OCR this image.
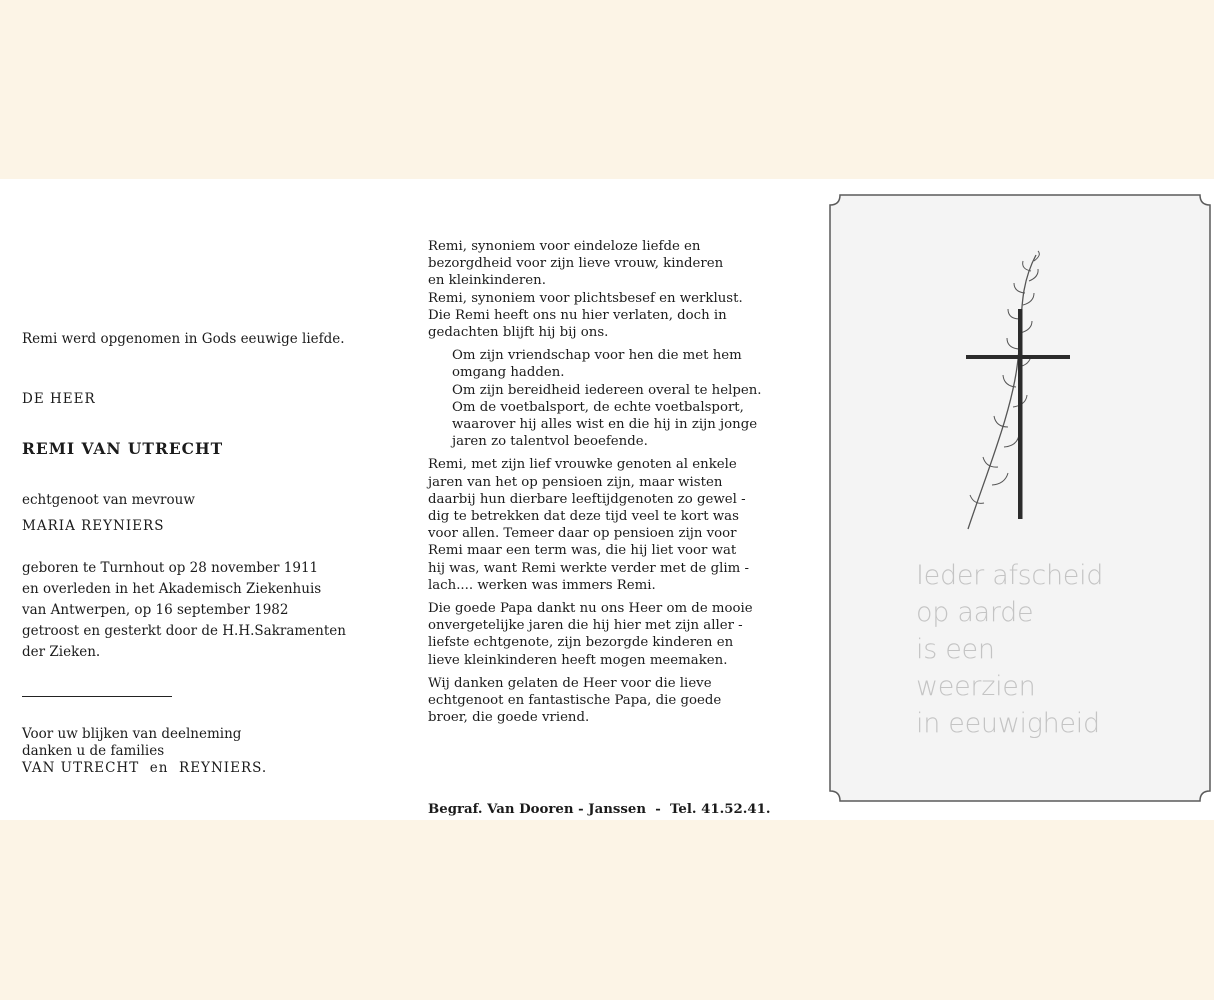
Remi werd opgenomen in Gods eeuwige liefde.
DE HEER
REMI VAN UTRECHT
echtgenoot van mevrouw
MARIA REYNIERS
geboren te Turnhout op 28 november 1911
en overleden in het Akademisch Ziekenhuis
van Antwerpen, op 16 september 1982
getroost en gesterkt door de H.H.Sakramenten
der Zieken.
Voor uw blijken van deelneming
danken u de families
VAN UTRECHT  en  REYNIERS.
Remi, synoniem voor eindeloze liefde en
bezorgdheid voor zijn lieve vrouw, kinderen
en kleinkinderen.
Remi, synoniem voor plichtsbesef en werklust.
Die Remi heeft ons nu hier verlaten, doch in
gedachten blijft hij bij ons.
Om zijn vriendschap voor hen die met hem
omgang hadden.
Om zijn bereidheid iedereen overal te helpen.
Om de voetbalsport, de echte voetbalsport,
waarover hij alles wist en die hij in zijn jonge
jaren zo talentvol beoefende.
Remi, met zijn lief vrouwke genoten al enkele
jaren van het op pensioen zijn, maar wisten
daarbij hun dierbare leeftijdgenoten zo gewel -
dig te betrekken dat deze tijd veel te kort was
voor allen. Temeer daar op pensioen zijn voor
Remi maar een term was, die hij liet voor wat
hij was, want Remi werkte verder met de glim -
lach.... werken was immers Remi.
Die goede Papa dankt nu ons Heer om de mooie
onvergetelijke jaren die hij hier met zijn aller -
liefste echtgenote, zijn bezorgde kinderen en
lieve kleinkinderen heeft mogen meemaken.
Wij danken gelaten de Heer voor die lieve
echtgenoot en fantastische Papa, die goede
broer, die goede vriend.
Begraf. Van Dooren - Janssen  -  Tel. 41.52.41.
Ieder afscheid
op aarde
is een
weerzien
in eeuwigheid
